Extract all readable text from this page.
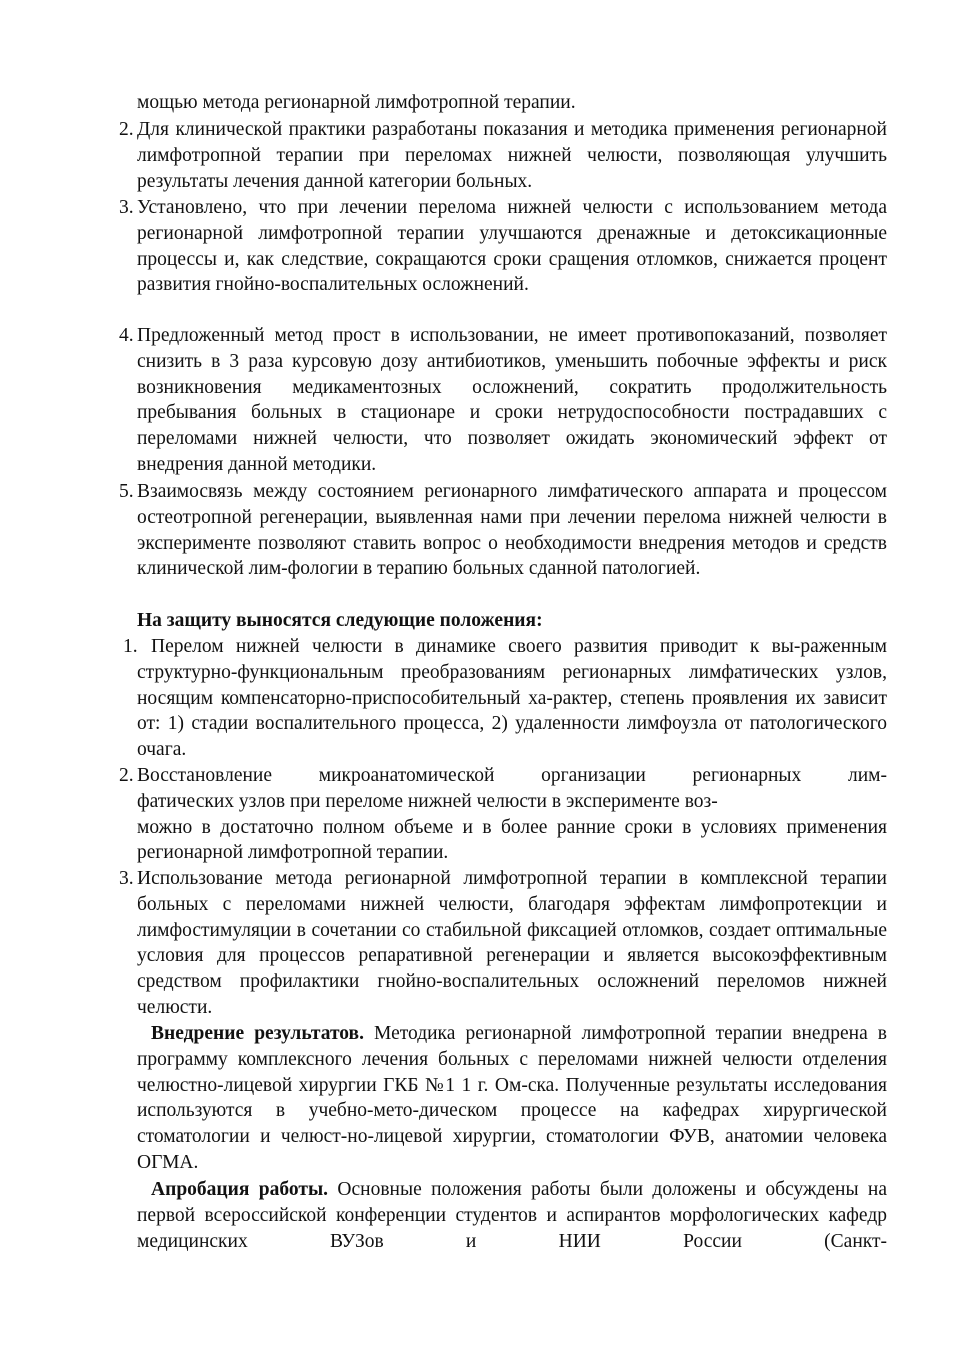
мощью метода регионарной лимфотропной терапии.
2. Для клинической практики разработаны показания и методика применения регионарной лимфотропной терапии при переломах нижней челюсти, позволяющая улучшить результаты лечения данной категории больных.
3. Установлено, что при лечении перелома нижней челюсти с использованием метода регионарной лимфотропной терапии улучшаются дренажные и детоксикационные процессы и, как следствие, сокращаются сроки сращения отломков, снижается процент развития гнойно-воспалительных осложнений.
4. Предложенный метод прост в использовании, не имеет противопоказаний, позволяет снизить в 3 раза курсовую дозу антибиотиков, уменьшить побочные эффекты и риск возникновения медикаментозных осложнений, сократить продолжительность пребывания больных в стационаре и сроки нетрудоспособности пострадавших с переломами нижней челюсти, что позволяет ожидать экономический эффект от внедрения данной методики.
5. Взаимосвязь между состоянием регионарного лимфатического аппарата и процессом остеотропной регенерации, выявленная нами при лечении перелома нижней челюсти в эксперименте позволяют ставить вопрос о необходимости внедрения методов и средств клинической лим-фологии в терапию больных сданной патологией.
На защиту выносятся следующие положения:
1. Перелом нижней челюсти в динамике своего развития приводит к вы-раженным структурно-функциональным преобразованиям регионарных лимфатических узлов, носящим компенсаторно-приспособительный ха-рактер, степень проявления их зависит от: 1) стадии воспалительного процесса, 2) удаленности лимфоузла от патологического очага.
2. Восстановление микроанатомической организации регионарных лим-
фатических узлов при переломе нижней челюсти в эксперименте воз-
можно в достаточно полном объеме и в более ранние сроки в условиях применения регионарной лимфотропной терапии.
3. Использование метода регионарной лимфотропной терапии в комплексной терапии больных с переломами нижней челюсти, благодаря эффектам лимфопротекции и лимфостимуляции в сочетании со стабильной фиксацией отломков, создает оптимальные условия для процессов репаративной регенерации и является высокоэффективным средством профилактики гнойно-воспалительных осложнений переломов нижней челюсти.
Внедрение результатов. Методика регионарной лимфотропной терапии внедрена в программу комплексного лечения больных с переломами нижней челюсти отделения челюстно-лицевой хирургии ГКБ №1 1 г. Ом-ска. Полученные результаты исследования используются в учебно-мето-дическом процессе на кафедрах хирургической стоматологии и челюст-но-лицевой хирургии, стоматологии ФУВ, анатомии человека ОГМА.
Апробация работы. Основные положения работы были доложены и обсуждены на первой всероссийской конференции студентов и аспирантов морфологических кафедр медицинских ВУЗов и НИИ России (Санкт-
